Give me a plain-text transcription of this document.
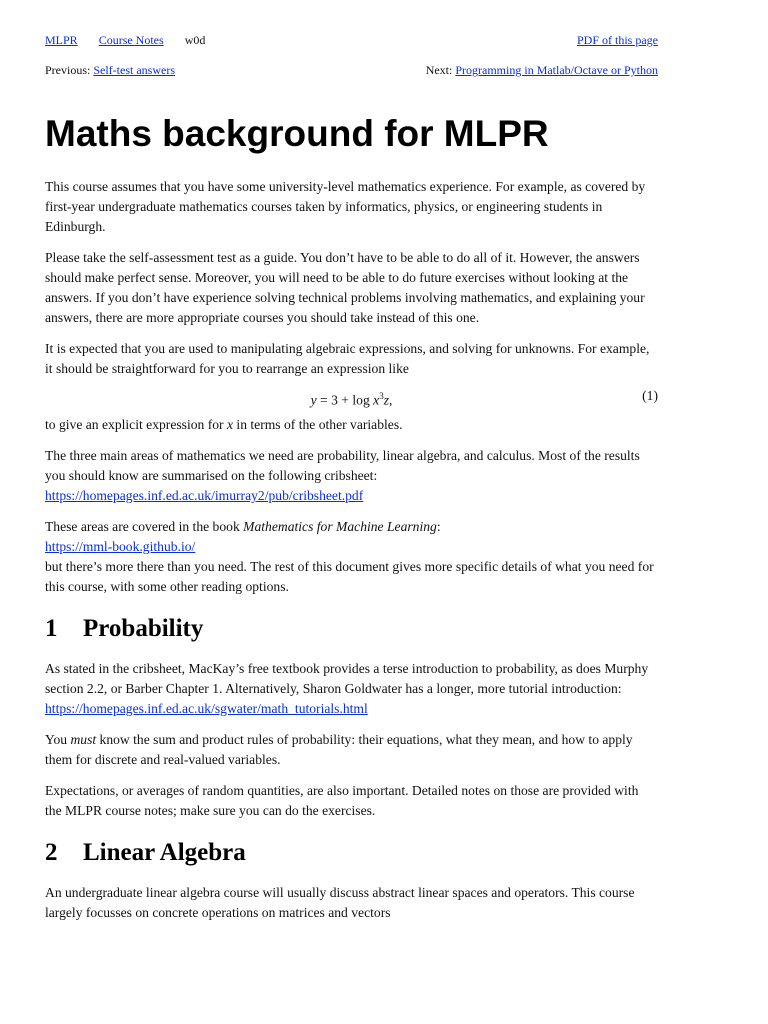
MLPR Course Notes w0d	PDF of this page
Previous: Self-test answers	Next: Programming in Matlab/Octave or Python
Maths background for MLPR

This course assumes that you have some university-level mathematics experience. For example, as covered by first-year undergraduate mathematics courses taken by informatics, physics, or engineering students in Edinburgh.

Please take the self-assessment test as a guide. You don’t have to be able to do all of it. However, the answers should make perfect sense. Moreover, you will need to be able to do future exercises without looking at the answers. If you don’t have experience solving technical problems involving mathematics, and explaining your answers, there are more appropriate courses you should take instead of this one.

It is expected that you are used to manipulating algebraic expressions, and solving for unknowns. For example, it should be straightforward for you to rearrange an expression like

$y = 3 + \log x^3z$,	(1)

to give an explicit expression for x in terms of the other variables.

The three main areas of mathematics we need are probability, linear algebra, and calculus. Most of the results you should know are summarised on the following cribsheet:
https://homepages.inf.ed.ac.uk/imurray2/pub/cribsheet.pdf

These areas are covered in the book Mathematics for Machine Learning:
https://mml-book.github.io/
but there’s more there than you need. The rest of this document gives more specific details of what you need for this course, with some other reading options.

1 Probability

As stated in the cribsheet, MacKay’s free textbook provides a terse introduction to probability, as does Murphy section 2.2, or Barber Chapter 1. Alternatively, Sharon Goldwater has a longer, more tutorial introduction:
https://homepages.inf.ed.ac.uk/sgwater/math_tutorials.html

You must know the sum and product rules of probability: their equations, what they mean, and how to apply them for discrete and real-valued variables.

Expectations, or averages of random quantities, are also important. Detailed notes on those are provided with the MLPR course notes; make sure you can do the exercises.

2 Linear Algebra

An undergraduate linear algebra course will usually discuss abstract linear spaces and operators. This course largely focusses on concrete operations on matrices and vectors
